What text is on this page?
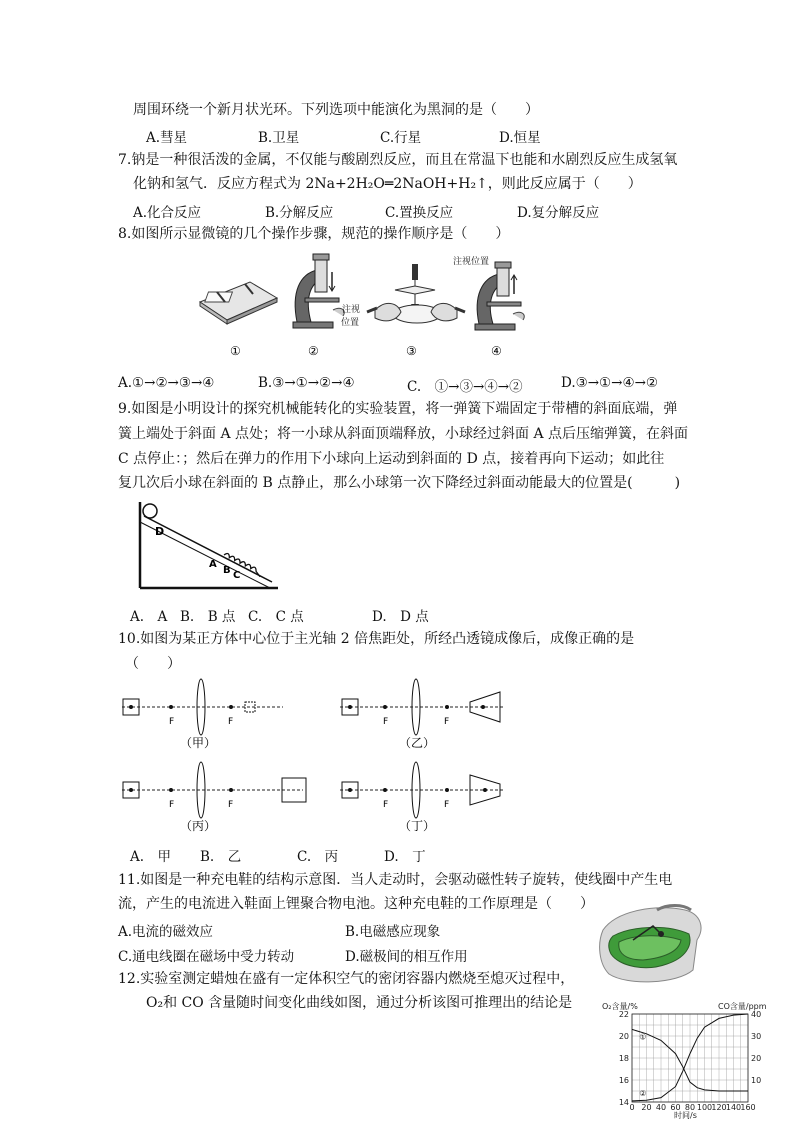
周围环绕一个新月状光环。下列选项中能演化为黑洞的是（　　）
A.彗星	B.卫星	C.行星	D.恒星
7.钠是一种很活泼的金属，不仅能与酸剧烈反应，而且在常温下也能和水剧烈反应生成氢氧
化钠和氢气．反应方程式为 2Na+2H₂O═2NaOH+H₂↑，则此反应属于（　　）
A.化合反应	B.分解反应	C.置换反应	D.复分解反应
8.如图所示显微镜的几个操作步骤，规范的操作顺序是（　　）
注视
位置
注视位置
①	②	③	④
A.①→②→③→④	B.③→①→②→④	C.　①→③→④→②	D.③→①→④→②
9.如图是小明设计的探究机械能转化的实验装置，将一弹簧下端固定于带槽的斜面底端，弹
簧上端处于斜面 A 点处；将一小球从斜面顶端释放，小球经过斜面 A 点后压缩弹簧，在斜面
C 点停止：；然后在弹力的作用下小球向上运动到斜面的 D 点，接着再向下运动；如此往
复几次后小球在斜面的 B 点静止，那么小球第一次下降经过斜面动能最大的位置是(　　　)
D
A
B C
A.　A B.　B 点 C.　C 点	D.　D 点
10.如图为某正方体中心位于主光轴 2 倍焦距处，所经凸透镜成像后，成像正确的是
（　　）
F	F
（甲）
F	F
（乙）
F	F
（丙）
F	F
（丁）
A.　甲 B.　乙	C.　丙	D.　丁
11.如图是一种充电鞋的结构示意图．当人走动时，会驱动磁性转子旋转，使线圈中产生电
流，产生的电流进入鞋面上锂聚合物电池。这种充电鞋的工作原理是（　　）
A.电流的磁效应	B.电磁感应现象
C.通电线圈在磁场中受力转动	D.磁极间的相互作用
12.实验室测定蜡烛在盛有一定体积空气的密闭容器内燃烧至熄灭过程中，
O₂和 CO 含量随时间变化曲线如图，通过分析该图可推理出的结论是
①
②
0 20 40 60 80 100 120 140 160
14
16
18
20
22
10
20
30
40
O₂含量/%	CO含量/ppm
时间/s
